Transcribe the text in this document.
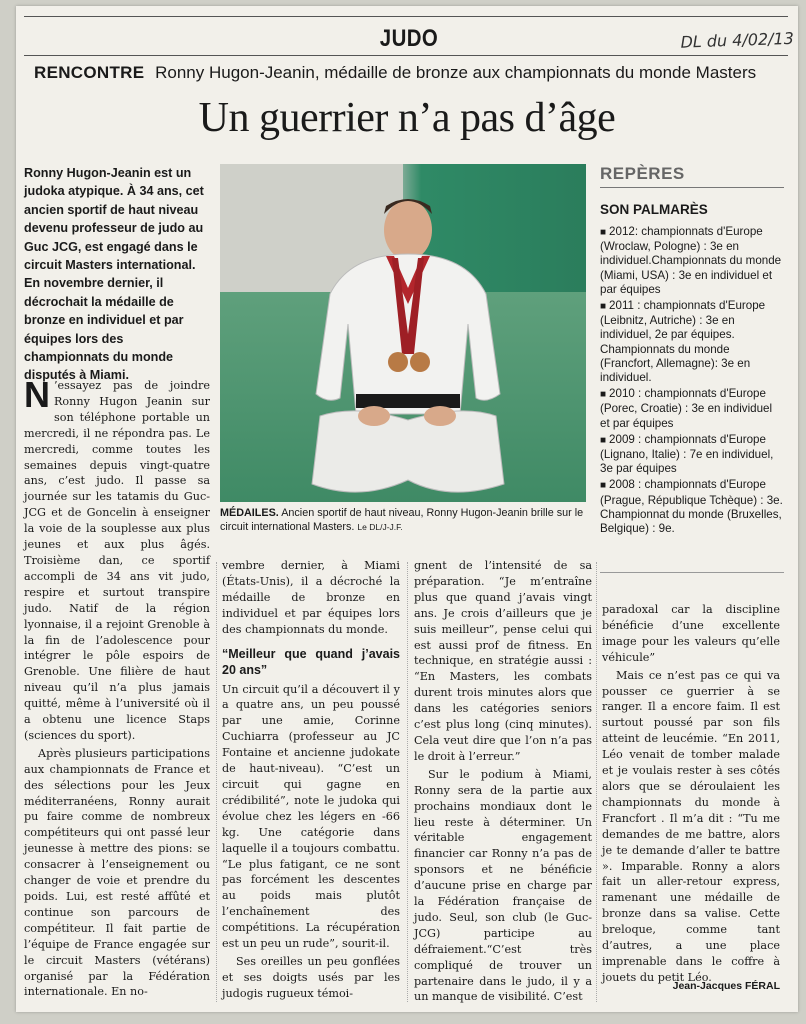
JUDO	DL du 4/02/13
RENCONTRE Ronny Hugon-Jeanin, médaille de bronze aux championnats du monde Masters
Un guerrier n’a pas d’âge
Ronny Hugon-Jeanin est un judoka atypique. À 34 ans, cet ancien sportif de haut niveau devenu professeur de judo au Guc JCG, est engagé dans le circuit Masters international. En novembre dernier, il décrochait la médaille de bronze en individuel et par équipes lors des championnats du monde disputés à Miami.
MÉDAILES. Ancien sportif de haut niveau, Ronny Hugon-Jeanin brille sur le circuit international Masters. Le DL/J-J.F.
REPÈRES
SON PALMARÈS
■ 2012: championnats d'Europe (Wroclaw, Pologne) : 3e en individuel.Championnats du monde (Miami, USA) : 3e en individuel et par équipes
■ 2011 : championnats d'Europe (Leibnitz, Autriche) : 3e en individuel, 2e par équipes. Championnats du monde (Francfort, Allemagne): 3e en individuel.
■ 2010 : championnats d'Europe (Porec, Croatie) : 3e en individuel et par équipes
■ 2009 : championnats d'Europe (Lignano, Italie) : 7e en individuel, 3e par équipes
■ 2008 : championnats d'Europe (Prague, République Tchèque) : 3e. Championnat du monde (Bruxelles, Belgique) : 9e.

N ’essayez pas de joindre Ronny Hugon Jeanin sur son téléphone portable un mercredi, il ne répondra pas. Le mercredi, comme toutes les semaines depuis vingt-quatre ans, c’est judo. Il passe sa journée sur les tatamis du Guc-JCG et de Goncelin à enseigner la voie de la souplesse aux plus jeunes et aux plus âgés. Troisième dan, ce sportif accompli de 34 ans vit judo, respire et surtout transpire judo. Natif de la région lyonnaise, il a rejoint Grenoble à la fin de l’adolescence pour intégrer le pôle espoirs de Grenoble. Une filière de haut niveau qu’il n’a plus jamais quitté, même à l’université où il a obtenu une licence Staps (sciences du sport).

Après plusieurs participations aux championnats de France et des sélections pour les Jeux méditerranéens, Ronny aurait pu faire comme de nombreux compétiteurs qui ont passé leur jeunesse à mettre des pions: se consacrer à l’enseignement ou changer de voie et prendre du poids. Lui, est resté affûté et continue son parcours de compétiteur. Il fait partie de l’équipe de France engagée sur le circuit Masters (vétérans) organisé par la Fédération internationale. En no-

vembre dernier, à Miami (États-Unis), il a décroché la médaille de bronze en individuel et par équipes lors des championnats du monde.

“Meilleur que quand j’avais 20 ans”

Un circuit qu’il a découvert il y a quatre ans, un peu poussé par une amie, Corinne Cuchiarra (professeur au JC Fontaine et ancienne judokate de haut-niveau). “C’est un circuit qui gagne en crédibilité”, note le judoka qui évolue chez les légers en -66 kg. Une catégorie dans laquelle il a toujours combattu. “Le plus fatigant, ce ne sont pas forcément les descentes au poids mais plutôt l’enchaînement des compétitions. La récupération est un peu un rude”, sourit-il.

Ses oreilles un peu gonflées et ses doigts usés par les judogis rugueux témoi-

gnent de l’intensité de sa préparation. “Je m’entraîne plus que quand j’avais vingt ans. Je crois d’ailleurs que je suis meilleur”, pense celui qui est aussi prof de fitness. En technique, en stratégie aussi : “En Masters, les combats durent trois minutes alors que dans les catégories seniors c’est plus long (cinq minutes). Cela veut dire que l’on n’a pas le droit à l’erreur.”

Sur le podium à Miami, Ronny sera de la partie aux prochains mondiaux dont le lieu reste à déterminer. Un véritable engagement financier car Ronny n’a pas de sponsors et ne bénéficie d’aucune prise en charge par la Fédération française de judo. Seul, son club (le Guc-JCG) participe au défraiement.“C’est très compliqué de trouver un partenaire dans le judo, il y a un manque de visibilité. C’est

paradoxal car la discipline bénéficie d’une excellente image pour les valeurs qu’elle véhicule”

Mais ce n’est pas ce qui va pousser ce guerrier à se ranger. Il a encore faim. Il est surtout poussé par son fils atteint de leucémie. “En 2011, Léo venait de tomber malade et je voulais rester à ses côtés alors que se déroulaient les championnats du monde à Francfort . Il m’a dit : “Tu me demandes de me battre, alors je te demande d’aller te battre ». Imparable. Ronny a alors fait un aller-retour express, ramenant une médaille de bronze dans sa valise. Cette breloque, comme tant d’autres, a une place imprenable dans le coffre à jouets du petit Léo.

Jean-Jacques FÉRAL
